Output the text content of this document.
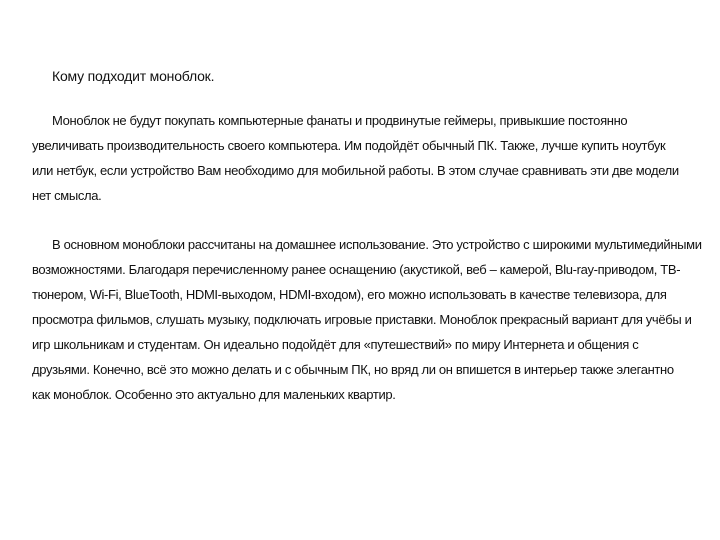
Кому подходит моноблок.

Моноблок не будут покупать компьютерные фанаты и продвинутые геймеры, привыкшие постоянно
увеличивать производительность своего компьютера. Им подойдёт обычный ПК. Также, лучше купить ноутбук
или нетбук, если устройство Вам необходимо для мобильной работы. В этом случае сравнивать эти две модели
нет смысла.

В основном моноблоки рассчитаны на домашнее использование. Это устройство с широкими мультимедийными
возможностями. Благодаря перечисленному ранее оснащению (акустикой, веб – камерой, Blu-ray-приводом, ТВ-
тюнером, Wi-Fi, BlueTooth, HDMI-выходом, HDMI-входом), его можно использовать в качестве телевизора, для
просмотра фильмов, слушать музыку, подключать игровые приставки. Моноблок прекрасный вариант для учёбы и
игр школьникам и студентам. Он идеально подойдёт для «путешествий» по миру Интернета и общения с
друзьями. Конечно, всё это можно делать и с обычным ПК, но вряд ли он впишется в интерьер также элегантно
как моноблок. Особенно это актуально для маленьких квартир.
